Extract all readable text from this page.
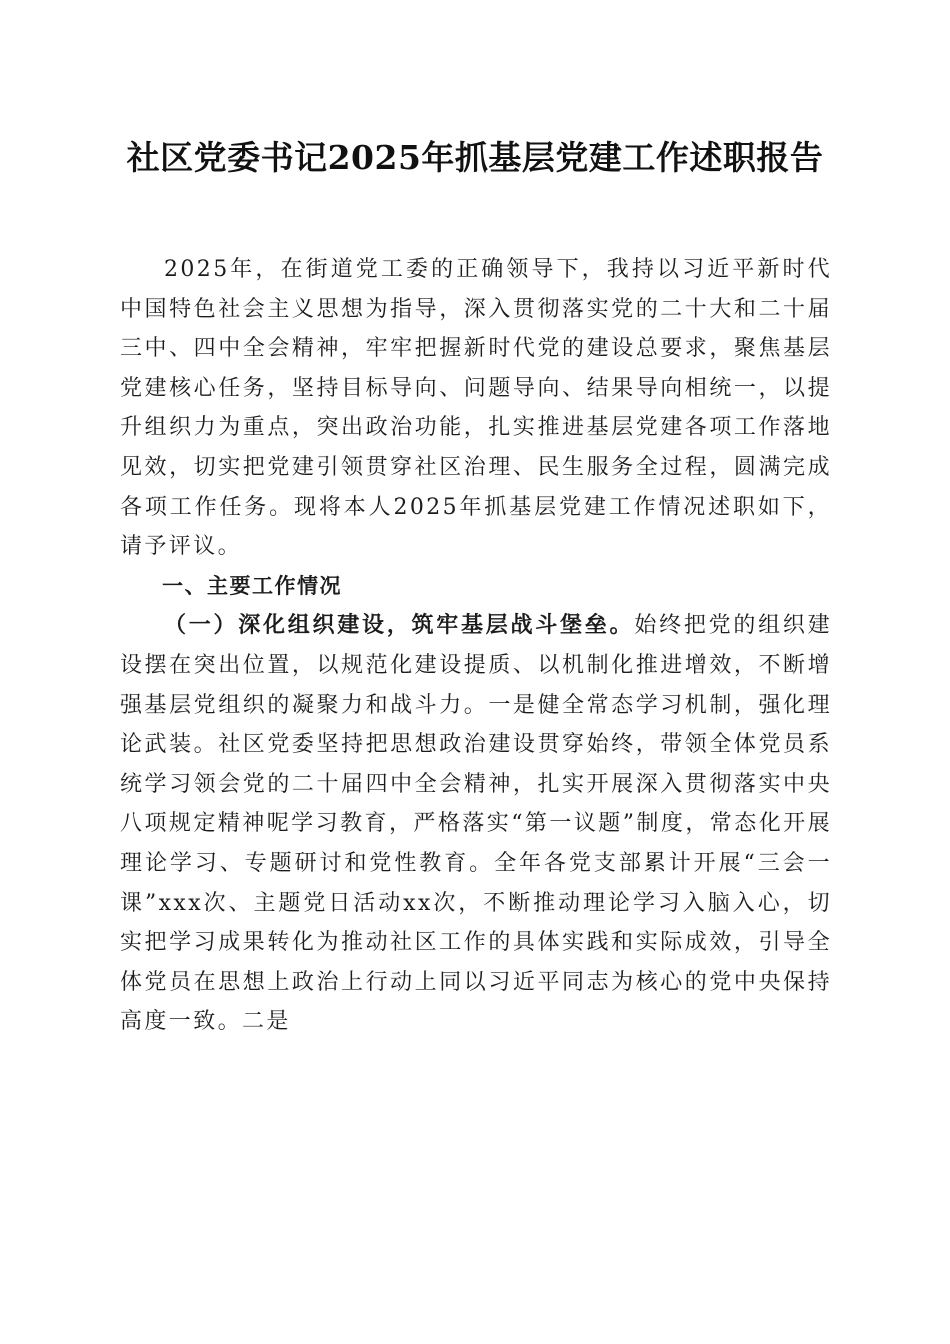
社区党委书记2025年抓基层党建工作述职报告

2025年，在街道党工委的正确领导下，我持以习近平新时代中国特色社会主义思想为指导，深入贯彻落实党的二十大和二十届三中、四中全会精神，牢牢把握新时代党的建设总要求，聚焦基层党建核心任务，坚持目标导向、问题导向、结果导向相统一，以提升组织力为重点，突出政治功能，扎实推进基层党建各项工作落地见效，切实把党建引领贯穿社区治理、民生服务全过程，圆满完成各项工作任务。现将本人2025年抓基层党建工作情况述职如下，请予评议。

一、主要工作情况

（一）深化组织建设，筑牢基层战斗堡垒。始终把党的组织建设摆在突出位置，以规范化建设提质、以机制化推进增效，不断增强基层党组织的凝聚力和战斗力。一是健全常态学习机制，强化理论武装。社区党委坚持把思想政治建设贯穿始终，带领全体党员系统学习领会党的二十届四中全会精神，扎实开展深入贯彻落实中央八项规定精神呢学习教育，严格落实“第一议题”制度，常态化开展理论学习、专题研讨和党性教育。全年各党支部累计开展“三会一课”xxx次、主题党日活动xx次，不断推动理论学习入脑入心，切实把学习成果转化为推动社区工作的具体实践和实际成效，引导全体党员在思想上政治上行动上同以习近平同志为核心的党中央保持高度一致。二是
